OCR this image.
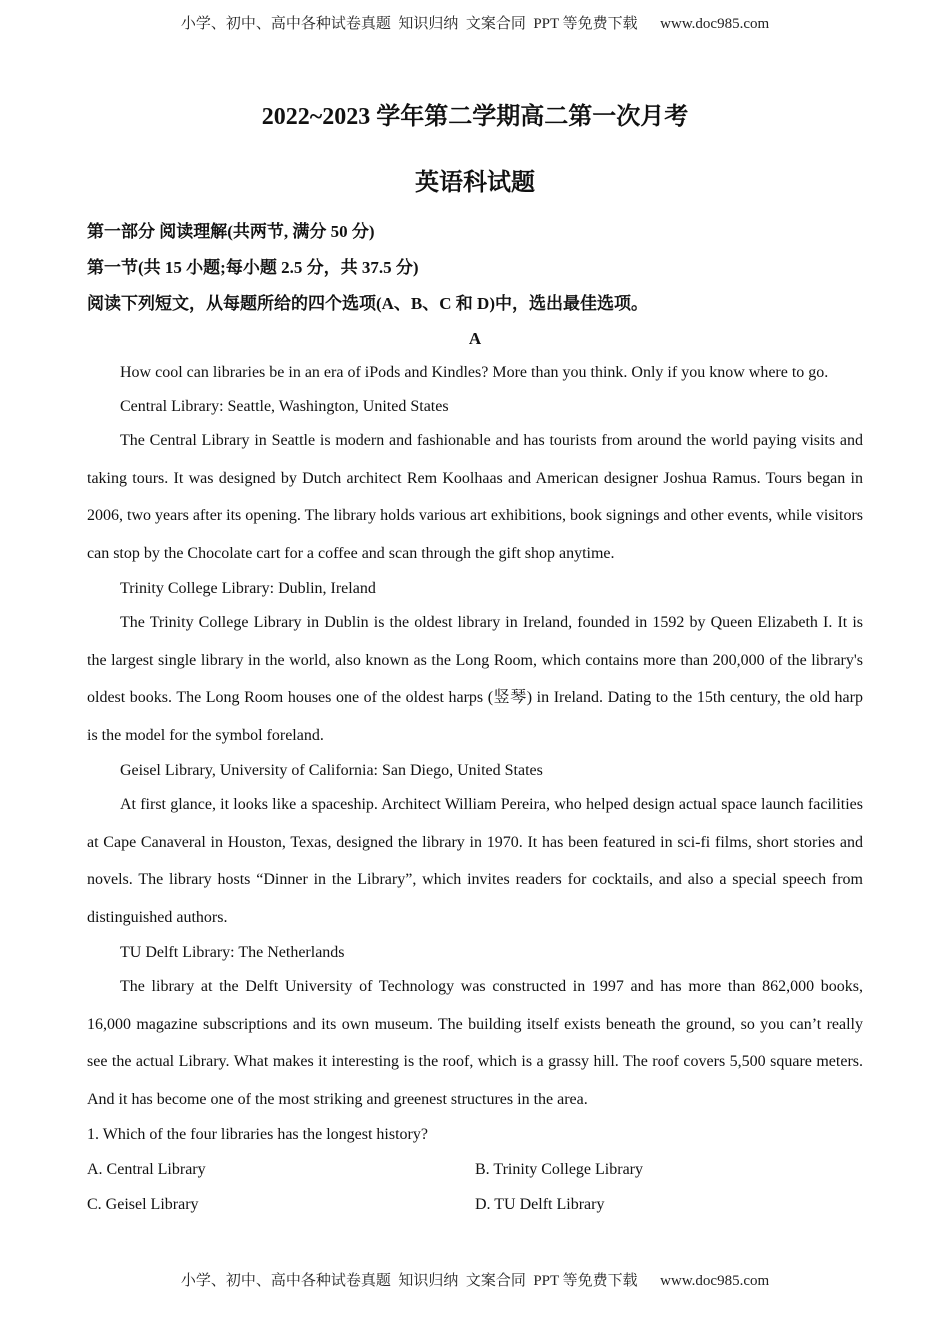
小学、初中、高中各种试卷真题  知识归纳  文案合同  PPT 等免费下载      www.doc985.com
2022~2023 学年第二学期高二第一次月考
英语科试题
第一部分 阅读理解(共两节, 满分 50 分)
第一节(共 15 小题;每小题 2.5 分，共 37.5 分)
阅读下列短文，从每题所给的四个选项(A、B、C 和 D)中，选出最佳选项。
A
How cool can libraries be in an era of iPods and Kindles? More than you think. Only if you know where to go.
Central Library: Seattle, Washington, United States
The Central Library in Seattle is modern and fashionable and has tourists from around the world paying visits and taking tours. It was designed by Dutch architect Rem Koolhaas and American designer Joshua Ramus. Tours began in 2006, two years after its opening. The library holds various art exhibitions, book signings and other events, while visitors can stop by the Chocolate cart for a coffee and scan through the gift shop anytime.
Trinity College Library: Dublin, Ireland
The Trinity College Library in Dublin is the oldest library in Ireland, founded in 1592 by Queen Elizabeth I. It is the largest single library in the world, also known as the Long Room, which contains more than 200,000 of the library's oldest books. The Long Room houses one of the oldest harps (竖琴) in Ireland. Dating to the 15th century, the old harp is the model for the symbol foreland.
Geisel Library, University of California: San Diego, United States
At first glance, it looks like a spaceship. Architect William Pereira, who helped design actual space launch facilities at Cape Canaveral in Houston, Texas, designed the library in 1970. It has been featured in sci-fi films, short stories and novels. The library hosts “Dinner in the Library”, which invites readers for cocktails, and also a special speech from distinguished authors.
TU Delft Library: The Netherlands
The library at the Delft University of Technology was constructed in 1997 and has more than 862,000 books, 16,000 magazine subscriptions and its own museum. The building itself exists beneath the ground, so you can’t really see the actual Library. What makes it interesting is the roof, which is a grassy hill. The roof covers 5,500 square meters. And it has become one of the most striking and greenest structures in the area.
1. Which of the four libraries has the longest history?
A. Central Library	B. Trinity College Library
C. Geisel Library	D. TU Delft Library
小学、初中、高中各种试卷真题  知识归纳  文案合同  PPT 等免费下载      www.doc985.com
